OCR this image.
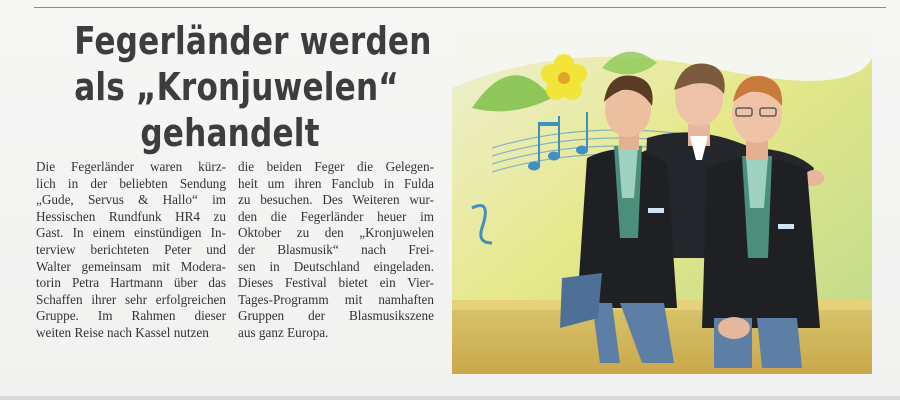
Fegerländer werden
als „Kronjuwelen“
gehandelt
Die Fegerländer waren kürz-
lich in der beliebten Sendung
„Gude, Servus & Hallo“ im
Hessischen Rundfunk HR4 zu
Gast. In einem einstündigen In-
terview berichteten Peter und
Walter gemeinsam mit Modera-
torin Petra Hartmann über das
Schaffen ihrer sehr erfolgreichen
Gruppe. Im Rahmen dieser
weiten Reise nach Kassel nutzen
die beiden Feger die Gelegen-
heit um ihren Fanclub in Fulda
zu besuchen. Des Weiteren wur-
den die Fegerländer heuer im
Oktober zu den „Kronjuwelen
der Blasmusik“ nach Frei-
sen in Deutschland eingeladen.
Dieses Festival bietet ein Vier-
Tages-Programm mit namhaften
Gruppen der Blasmusikszene
aus ganz Europa.
